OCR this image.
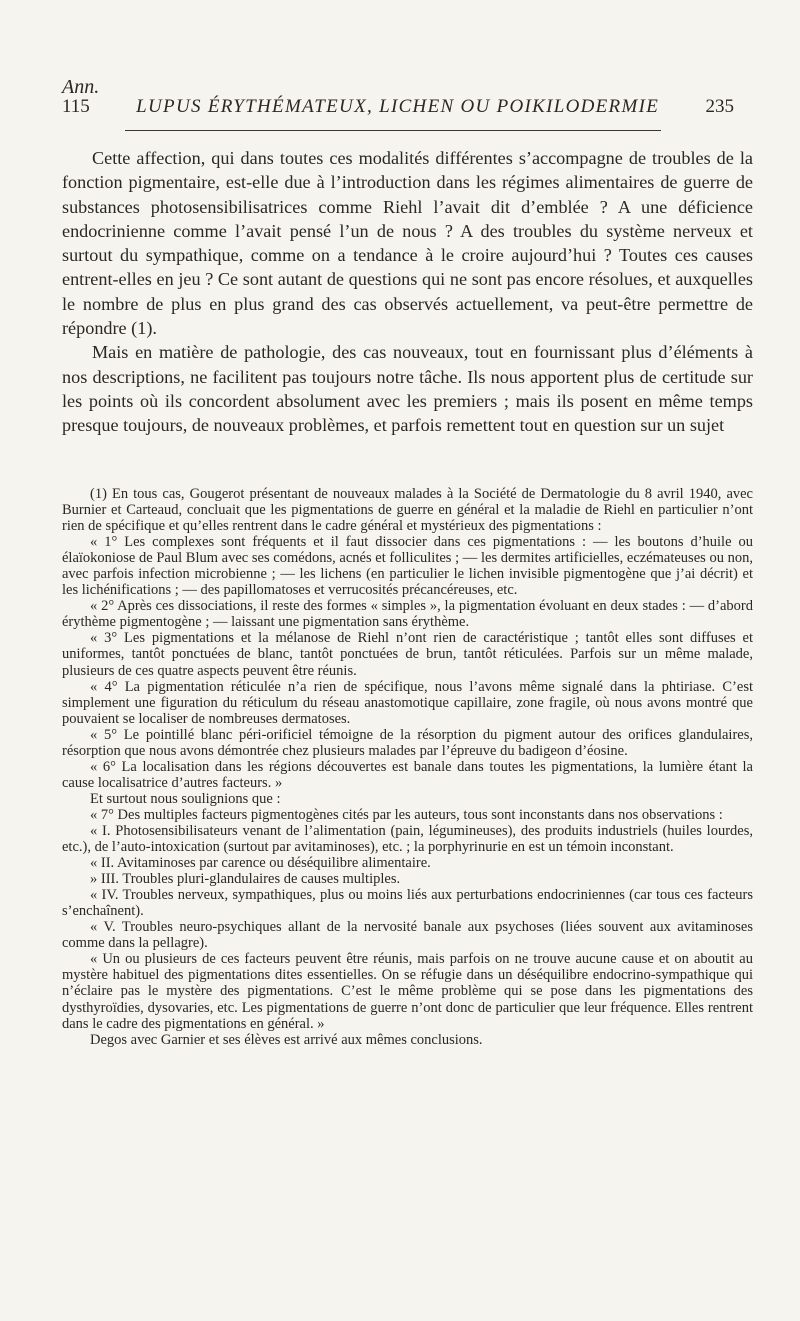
Ann.
115 LUPUS ÉRYTHÉMATEUX, LICHEN OU POIKILODERMIE 235

Cette affection, qui dans toutes ces modalités différentes s’accompagne de troubles de la fonction pigmentaire, est-elle due à l’introduction dans les régimes alimentaires de guerre de substances photosensibilisatrices comme Riehl l’avait dit d’emblée ? A une déficience endocrinienne comme l’avait pensé l’un de nous ? A des troubles du système nerveux et surtout du sympathique, comme on a tendance à le croire aujourd’hui ? Toutes ces causes entrent-elles en jeu ? Ce sont autant de questions qui ne sont pas encore résolues, et auxquelles le nombre de plus en plus grand des cas observés actuellement, va peut-être permettre de répondre (1).

Mais en matière de pathologie, des cas nouveaux, tout en fournissant plus d’éléments à nos descriptions, ne facilitent pas toujours notre tâche. Ils nous apportent plus de certitude sur les points où ils concordent absolument avec les premiers ; mais ils posent en même temps presque toujours, de nouveaux problèmes, et parfois remettent tout en question sur un sujet

(1) En tous cas, Gougerot présentant de nouveaux malades à la Société de Dermatologie du 8 avril 1940, avec Burnier et Carteaud, concluait que les pigmentations de guerre en général et la maladie de Riehl en particulier n’ont rien de spécifique et qu’elles rentrent dans le cadre général et mystérieux des pigmentations :

« 1° Les complexes sont fréquents et il faut dissocier dans ces pigmentations : — les boutons d’huile ou élaïokoniose de Paul Blum avec ses comédons, acnés et folliculites ; — les dermites artificielles, eczémateuses ou non, avec parfois infection microbienne ; — les lichens (en particulier le lichen invisible pigmentogène que j’ai décrit) et les lichénifications ; — des papillomatoses et verrucosités précancéreuses, etc.

« 2° Après ces dissociations, il reste des formes « simples », la pigmentation évoluant en deux stades : — d’abord érythème pigmentogène ; — laissant une pigmentation sans érythème.

« 3° Les pigmentations et la mélanose de Riehl n’ont rien de caractéristique ; tantôt elles sont diffuses et uniformes, tantôt ponctuées de blanc, tantôt ponctuées de brun, tantôt réticulées. Parfois sur un même malade, plusieurs de ces quatre aspects peuvent être réunis.

« 4° La pigmentation réticulée n’a rien de spécifique, nous l’avons même signalé dans la phtiriase. C’est simplement une figuration du réticulum du réseau anastomotique capillaire, zone fragile, où nous avons montré que pouvaient se localiser de nombreuses dermatoses.

« 5° Le pointillé blanc péri-orificiel témoigne de la résorption du pigment autour des orifices glandulaires, résorption que nous avons démontrée chez plusieurs malades par l’épreuve du badigeon d’éosine.

« 6° La localisation dans les régions découvertes est banale dans toutes les pigmentations, la lumière étant la cause localisatrice d’autres facteurs. »

Et surtout nous soulignions que :

« 7° Des multiples facteurs pigmentogènes cités par les auteurs, tous sont inconstants dans nos observations :

« I. Photosensibilisateurs venant de l’alimentation (pain, légumineuses), des produits industriels (huiles lourdes, etc.), de l’auto-intoxication (surtout par avitaminoses), etc. ; la porphyrinurie en est un témoin inconstant.

« II. Avitaminoses par carence ou déséquilibre alimentaire.

» III. Troubles pluri-glandulaires de causes multiples.

« IV. Troubles nerveux, sympathiques, plus ou moins liés aux perturbations endocriniennes (car tous ces facteurs s’enchaînent).

« V. Troubles neuro-psychiques allant de la nervosité banale aux psychoses (liées souvent aux avitaminoses comme dans la pellagre).

« Un ou plusieurs de ces facteurs peuvent être réunis, mais parfois on ne trouve aucune cause et on aboutit au mystère habituel des pigmentations dites essentielles. On se réfugie dans un déséquilibre endocrino-sympathique qui n’éclaire pas le mystère des pigmentations. C’est le même problème qui se pose dans les pigmentations des dysthyroïdies, dysovaries, etc. Les pigmentations de guerre n’ont donc de particulier que leur fréquence. Elles rentrent dans le cadre des pigmentations en général. »

Degos avec Garnier et ses élèves est arrivé aux mêmes conclusions.
